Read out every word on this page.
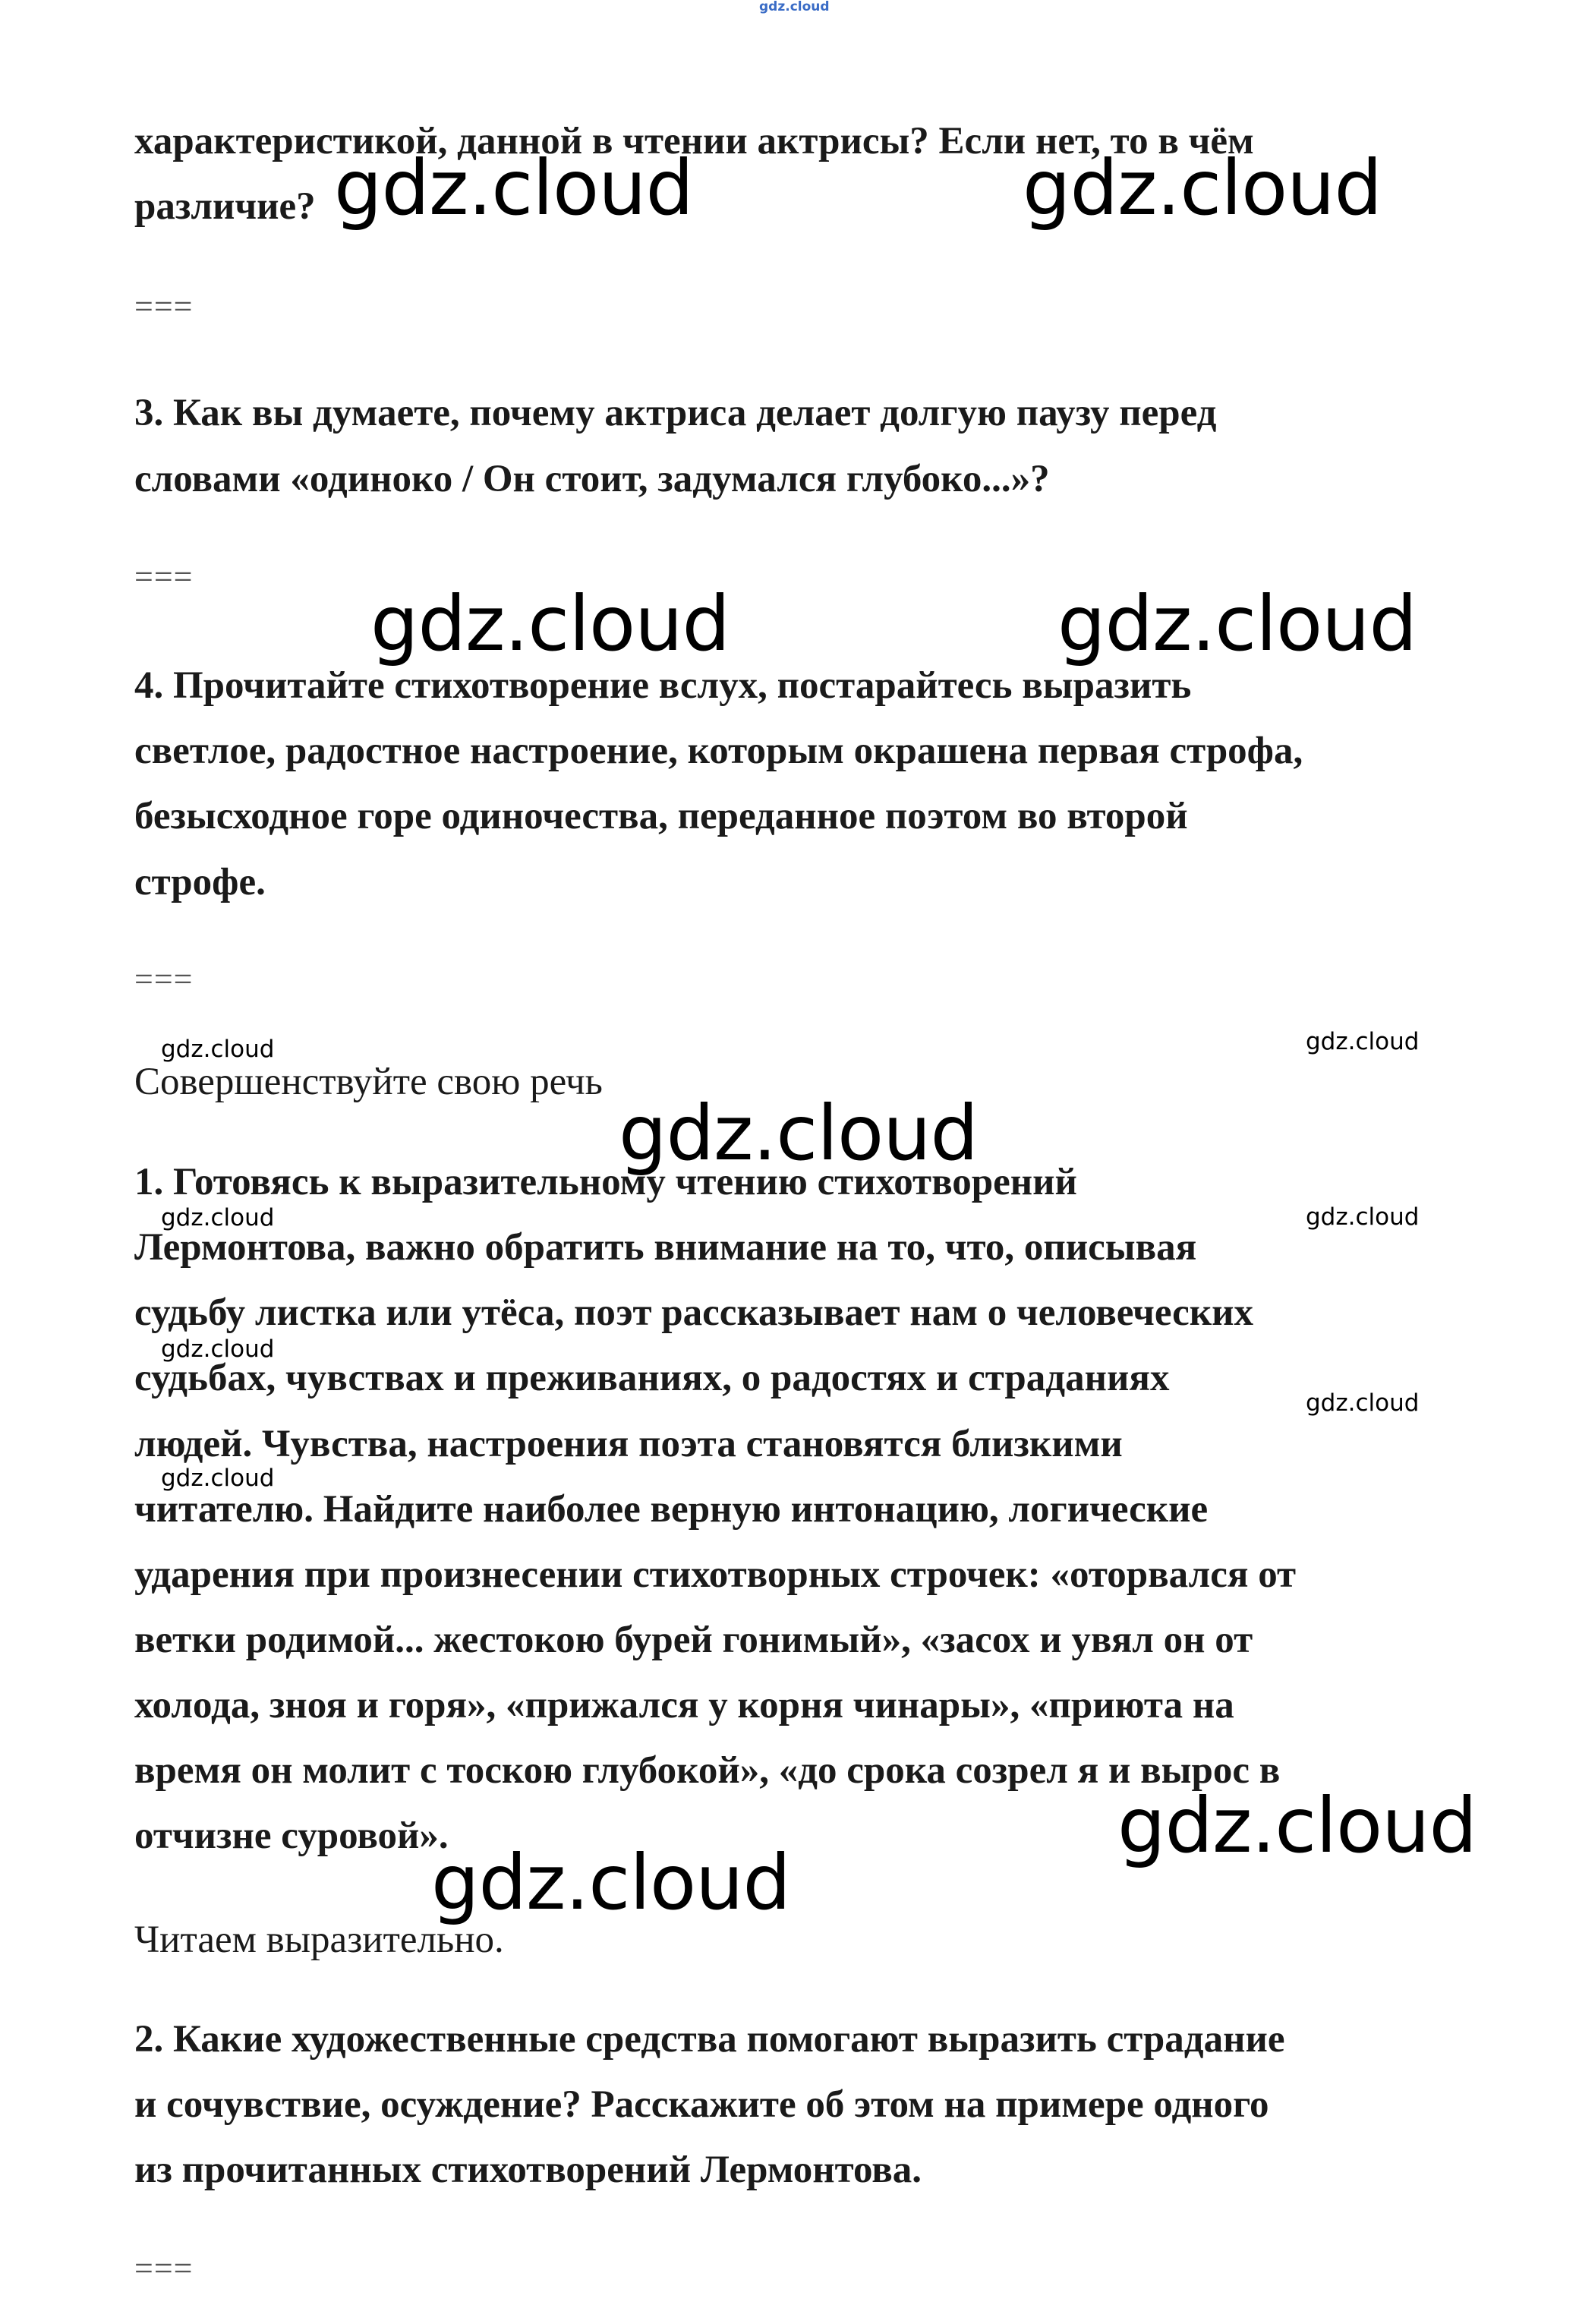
gdz.cloud

характеристикой, данной в чтении актрисы? Если нет, то в чём

различие?

===

3. Как вы думаете, почему актриса делает долгую паузу перед

словами «одиноко / Он стоит, задумался глубоко...»?

===

4. Прочитайте стихотворение вслух, постарайтесь выразить

светлое, радостное настроение, которым окрашена первая строфа,

безысходное горе одиночества, переданное поэтом во второй

строфе.

===

Совершенствуйте свою речь

1. Готовясь к выразительному чтению стихотворений

Лермонтова, важно обратить внимание на то, что, описывая

судьбу листка или утёса, поэт рассказывает нам о человеческих

судьбах, чувствах и пpеживаниях, о радостях и страданиях

людей. Чувства, настроения поэта становятся близкими

читателю. Найдите наиболее верную интонацию, логические

ударения при произнесении стихотворных строчек: «оторвался от

ветки родимой... жестокою бурей гонимый», «засох и увял он от

холода, зноя и горя», «прижался у корня чинары», «приюта на

время он молит с тоскою глубокой», «до срока созрел я и вырос в

отчизне суровой».

Читаем выразительно.

2. Какие художественные средства помогают выразить страдание

и сочувствие, осуждение? Расскажите об этом на примере одного

из прочитанных стихотворений Лермонтова.

===
gdz.cloud	gdz.cloud
gdz.cloud	gdz.cloud
gdz.cloud
gdz.cloud
gdz.cloud
gdz.cloud	gdz.cloud
gdz.cloud	gdz.cloud
gdz.cloud
gdz.cloud
gdz.cloud
